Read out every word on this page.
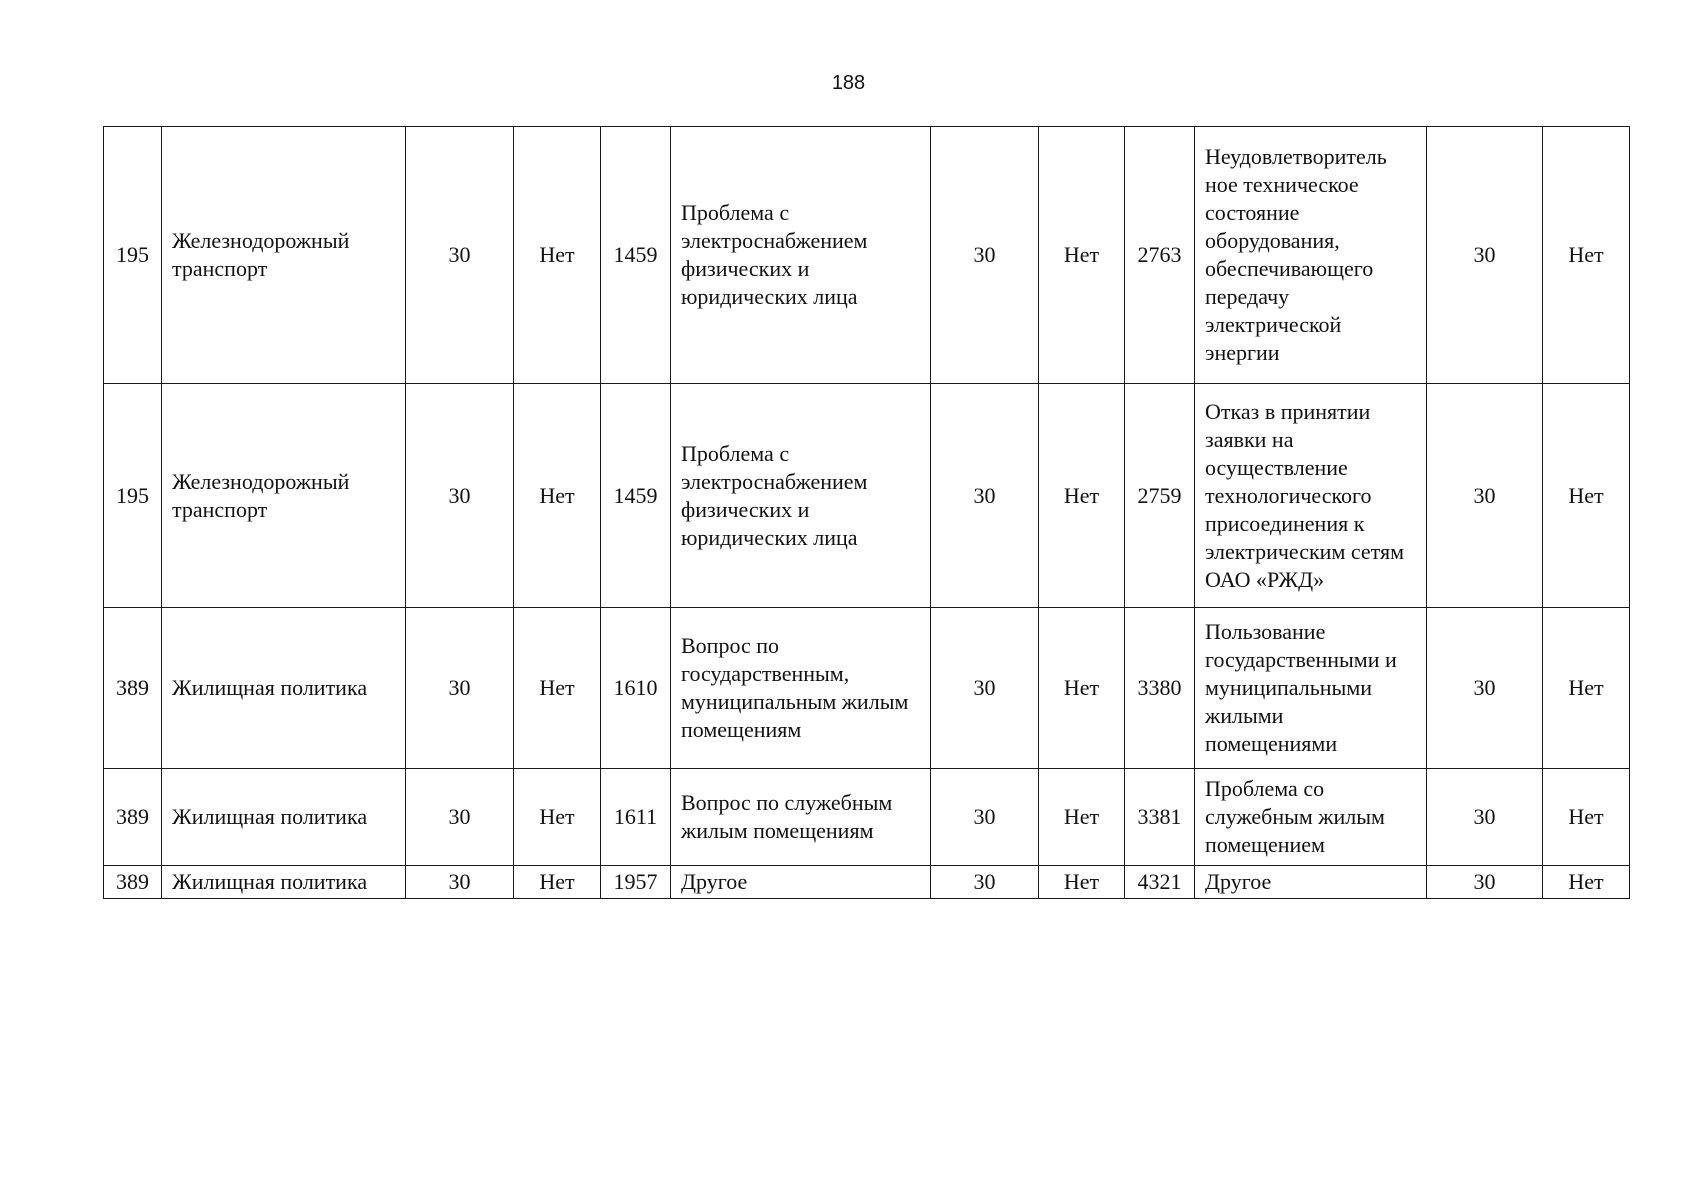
188
195	Железнодорожный транспорт	30	Нет	1459	Проблема с электроснабжением физических и юридических лица	30	Нет	2763	Неудовлетворитель ное техническое состояние оборудования, обеспечивающего передачу электрической энергии	30	Нет
195	Железнодорожный транспорт	30	Нет	1459	Проблема с электроснабжением физических и юридических лица	30	Нет	2759	Отказ в принятии заявки на осуществление технологического присоединения к электрическим сетям ОАО «РЖД»	30	Нет
389	Жилищная политика	30	Нет	1610	Вопрос по государственным, муниципальным жилым помещениям	30	Нет	3380	Пользование государственными и муниципальными жилыми помещениями	30	Нет
389	Жилищная политика	30	Нет	1611	Вопрос по служебным жилым помещениям	30	Нет	3381	Проблема со служебным жилым помещением	30	Нет
389	Жилищная политика	30	Нет	1957	Другое	30	Нет	4321	Другое	30	Нет
